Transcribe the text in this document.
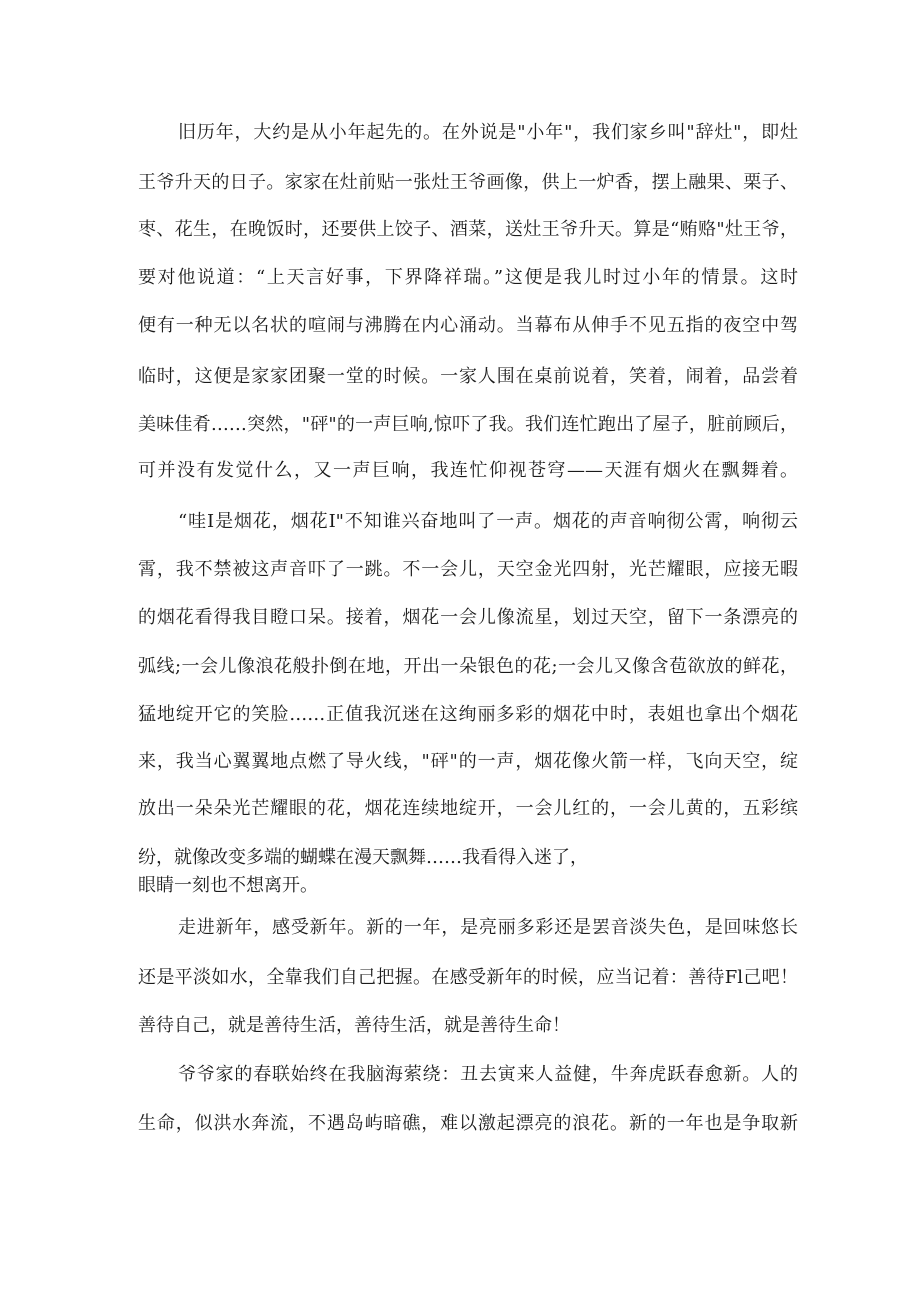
旧历年，大约是从小年起先的。在外说是"小年"，我们家乡叫"辞灶"，即灶
王爷升天的日子。家家在灶前贴一张灶王爷画像，供上一炉香，摆上融果、栗子、
枣、花生，在晚饭时，还要供上饺子、酒菜，送灶王爷升天。算是“贿赂"灶王爷，
要对他说道：“上天言好事，下界降祥瑞。”这便是我儿时过小年的情景。这时
便有一种无以名状的喧闹与沸腾在内心涌动。当幕布从伸手不见五指的夜空中驾
临时，这便是家家团聚一堂的时候。一家人围在桌前说着，笑着，闹着，品尝着
美味佳肴……突然，"砰"的一声巨响,惊吓了我。我们连忙跑出了屋子，脏前顾后，
可并没有发觉什么，又一声巨响，我连忙仰视苍穹——天涯有烟火在飘舞着。
“哇I是烟花，烟花I"不知谁兴奋地叫了一声。烟花的声音响彻公霄，响彻云
霄，我不禁被这声音吓了一跳。不一会儿，天空金光四射，光芒耀眼，应接无暇
的烟花看得我目瞪口呆。接着，烟花一会儿像流星，划过天空，留下一条漂亮的
弧线;一会儿像浪花般扑倒在地，开出一朵银色的花;一会儿又像含苞欲放的鲜花，
猛地绽开它的笑脸……正值我沉迷在这绚丽多彩的烟花中时，表姐也拿出个烟花
来，我当心翼翼地点燃了导火线，"砰"的一声，烟花像火箭一样，飞向天空，绽
放出一朵朵光芒耀眼的花，烟花连续地绽开，一会儿红的，一会儿黄的，五彩缤
纷，就像改变多端的蝴蝶在漫天飘舞……我看得入迷了，
眼睛一刻也不想离开。
走进新年，感受新年。新的一年，是亮丽多彩还是罢音淡失色，是回味悠长
还是平淡如水，全靠我们自己把握。在感受新年的时候，应当记着：善待Fl己吧！
善待自己，就是善待生活，善待生活，就是善待生命！
爷爷家的春联始终在我脑海萦绕：丑去寅来人益健，牛奔虎跃春愈新。人的
生命，似洪水奔流，不遇岛屿暗礁，难以激起漂亮的浪花。新的一年也是争取新
